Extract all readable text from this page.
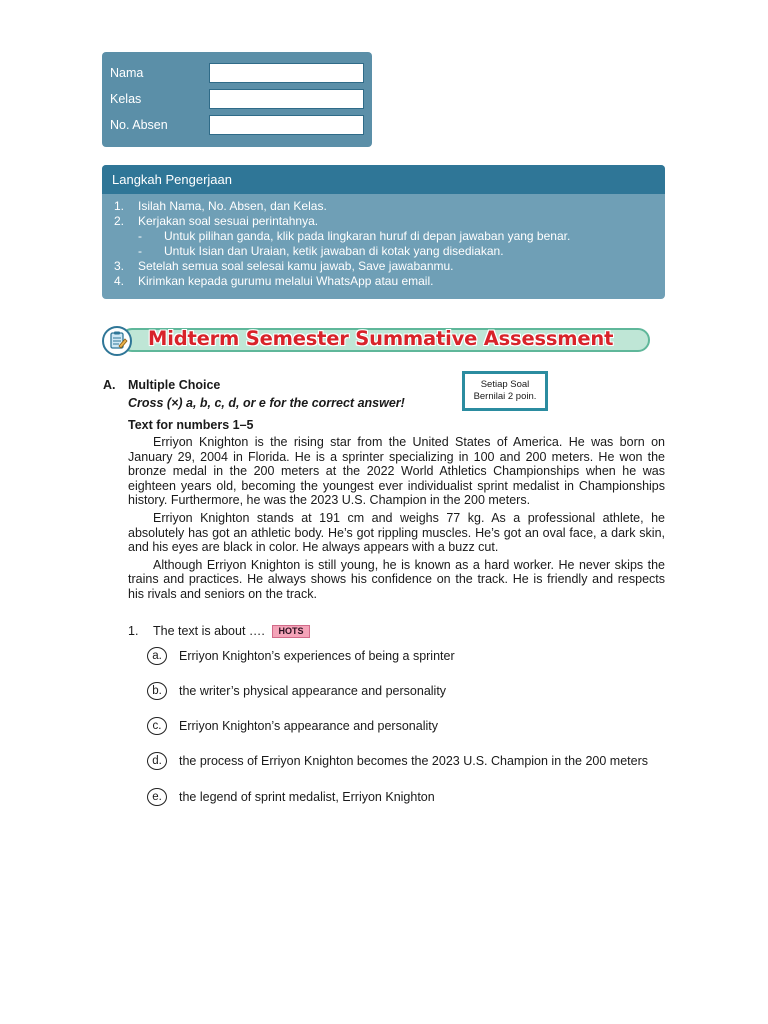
Nama
Kelas
No. Absen
Langkah Pengerjaan
1. Isilah Nama, No. Absen, dan Kelas.
2. Kerjakan soal sesuai perintahnya.
- Untuk pilihan ganda, klik pada lingkaran huruf di depan jawaban yang benar.
- Untuk Isian dan Uraian, ketik jawaban di kotak yang disediakan.
3. Setelah semua soal selesai kamu jawab, Save jawabanmu.
4. Kirimkan kepada gurumu melalui WhatsApp atau email.
Midterm Semester Summative Assessment
A. Multiple Choice
Cross (×) a, b, c, d, or e for the correct answer!
Setiap Soal
Bernilai 2 poin.
Text for numbers 1–5

Erriyon Knighton is the rising star from the United States of America. He was born on January 29, 2004 in Florida. He is a sprinter specializing in 100 and 200 meters. He won the bronze medal in the 200 meters at the 2022 World Athletics Championships when he was eighteen years old, becoming the youngest ever individualist sprint medalist in Championships history. Furthermore, he was the 2023 U.S. Champion in the 200 meters.

Erriyon Knighton stands at 191 cm and weighs 77 kg. As a professional athlete, he absolutely has got an athletic body. He’s got rippling muscles. He’s got an oval face, a dark skin, and his eyes are black in color. He always appears with a buzz cut.

Although Erriyon Knighton is still young, he is known as a hard worker. He never skips the trains and practices. He always shows his confidence on the track. He is friendly and respects his rivals and seniors on the track.

1. The text is about ….	HOTS
a.	Erriyon Knighton’s experiences of being a sprinter
b.	the writer’s physical appearance and personality
c.	Erriyon Knighton’s appearance and personality
d.	the process of Erriyon Knighton becomes the 2023 U.S. Champion in the 200 meters
e.	the legend of sprint medalist, Erriyon Knighton
